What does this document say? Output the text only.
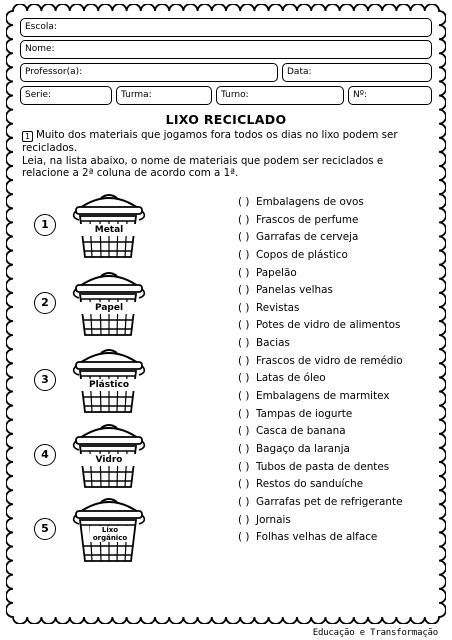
Escola:
Nome:
Professor(a):	Data:
Serie:	Turma:	Turno:	Nº:
LIXO RECICLADO
1 Muito dos materiais que jogamos fora todos os dias no lixo podem ser reciclados.
Leia, na lista abaixo, o nome de materiais que podem ser reciclados e relacione a 2ª coluna de acordo com a 1ª.
1	Metal
2	Papel
3	Plástico
4	Vidro
5	Lixo orgânico
( ) Embalagens de ovos
( ) Frascos de perfume
( ) Garrafas de cerveja
( ) Copos de plástico
( ) Papelão
( ) Panelas velhas
( ) Revistas
( ) Potes de vidro de alimentos
( ) Bacias
( ) Frascos de vidro de remédio
( ) Latas de óleo
( ) Embalagens de marmitex
( ) Tampas de iogurte
( ) Casca de banana
( ) Bagaço da laranja
( ) Tubos de pasta de dentes
( ) Restos do sanduíche
( ) Garrafas pet de refrigerante
( ) Jornais
( ) Folhas velhas de alface
Educação e Transformação
